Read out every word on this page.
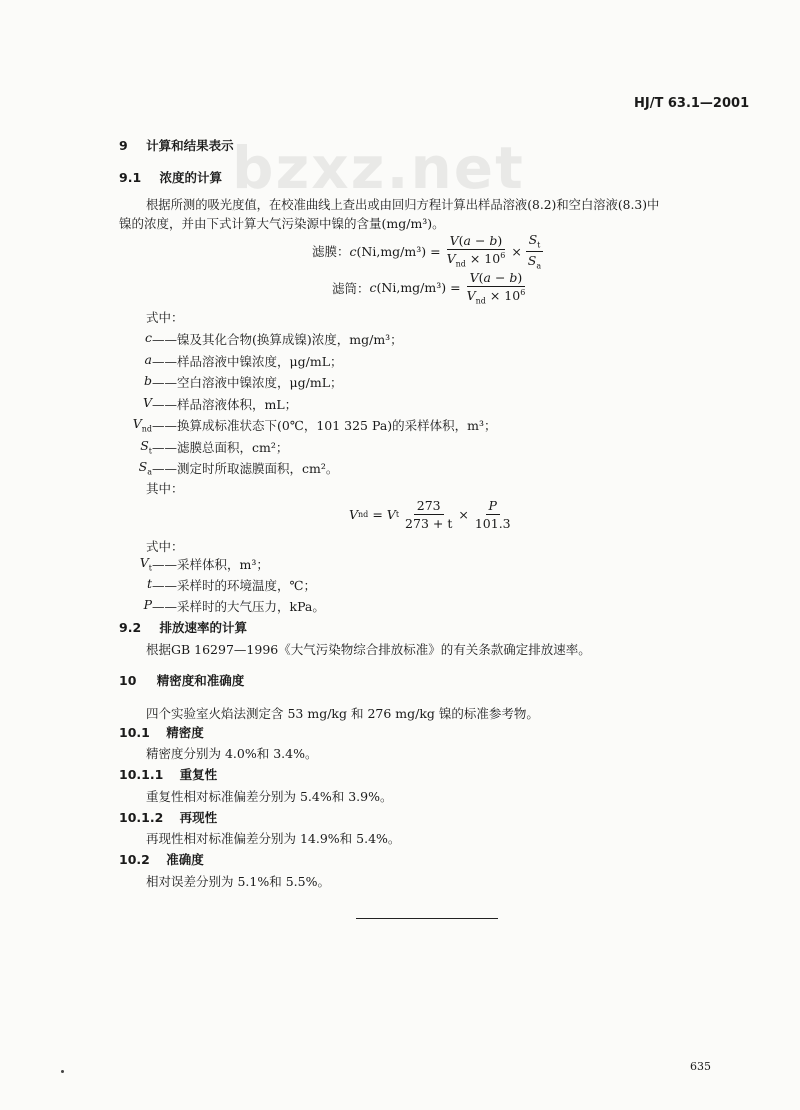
HJ/T 63.1—2001
bzxz.net
9 计算和结果表示
9.1 浓度的计算
根据所测的吸光度值，在校准曲线上查出或由回归方程计算出样品溶液(8.2)和空白溶液(8.3)中
镍的浓度，并由下式计算大气污染源中镍的含量(mg/m³)。
滤膜： c $(Ni,mg/m^3) = \frac{V(a - b)}{V_{nd} \times 10^6} \times \frac{S_t}{S_a}$
滤筒： c $(Ni,mg/m^3) = \frac{V(a - b)}{V_{nd} \times 10^6}$
式中：
c ——镍及其化合物(换算成镍)浓度，mg/m³；
a ——样品溶液中镍浓度，μg/mL；
b ——空白溶液中镍浓度，μg/mL；
V ——样品溶液体积，mL；
$V_{nd}$ ——换算成标准状态下(0℃，101 325 Pa)的采样体积，m³；
$S_t$ ——滤膜总面积，cm²；
$S_a$ ——测定时所取滤膜面积，cm²。
其中：
V nd = V t $\frac{273}{273 + t} \times \frac{P}{101.3}$
式中：
$V_t$ ——采样体积，m³；
t ——采样时的环境温度，℃；
P ——采样时的大气压力，kPa。
9.2 排放速率的计算
根据GB 16297—1996《大气污染物综合排放标准》的有关条款确定排放速率。
10 精密度和准确度
四个实验室火焰法测定含 53 mg/kg 和 276 mg/kg 镍的标准参考物。
10.1 精密度
精密度分别为 4.0%和 3.4%。
10.1.1 重复性
重复性相对标准偏差分别为 5.4%和 3.9%。
10.1.2 再现性
再现性相对标准偏差分别为 14.9%和 5.4%。
10.2 准确度
相对误差分别为 5.1%和 5.5%。
635
